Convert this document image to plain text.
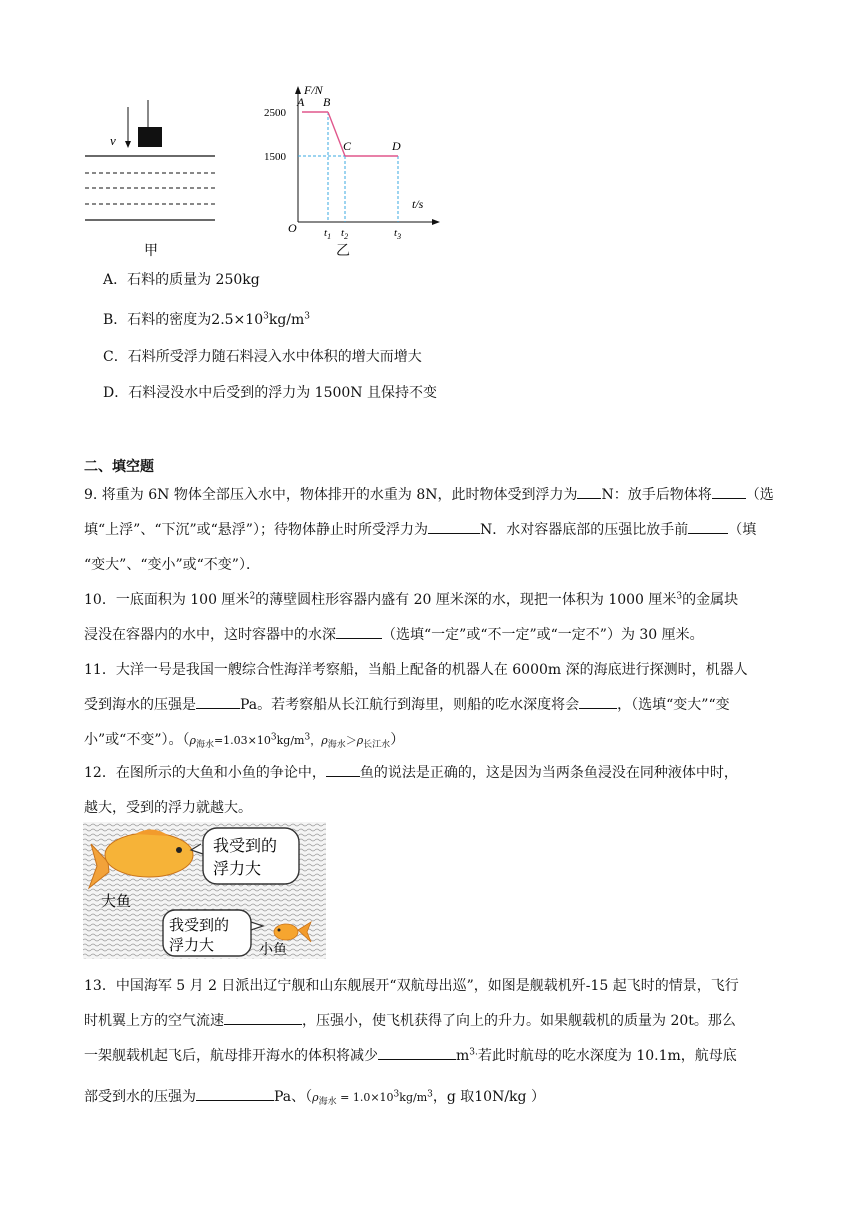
v
甲
F/N
t/s
O
2500
1500
$t_1$ $t_2$	$t_3$
A B
C	D
乙
A．石料的质量为 250kg
B．石料的密度为$2.5\times 10^3kg/m^3$
C．石料所受浮力随石料浸入水中体积的增大而增大
D．石料浸没水中后受到的浮力为 1500N 且保持不变
二、填空题
9. 将重为 6N 物体全部压入水中，物体排开的水重为 8N，此时物体受到浮力为 N：放手后物体将 （选
填“上浮”、“下沉”或“悬浮”）；待物体静止时所受浮力为	N．水对容器底部的压强比放手前	（填
“变大”、“变小”或“不变”）．
10．一底面积为 100 厘米$^2$的薄壁圆柱形容器内盛有 20 厘米深的水，现把一体积为 1000 厘米$^3$的金属块
浸没在容器内的水中，这时容器中的水深	（选填“一定”或“不一定”或“一定不”）为 30 厘米。
11．大洋一号是我国一艘综合性海洋考察船，当船上配备的机器人在 6000m 深的海底进行探测时，机器人
受到海水的压强是	Pa。若考察船从长江航行到海里，则船的吃水深度将会	，（选填“变大”“变
小”或“不变”）。（$\rho_{海水}=1.03\times 10^3kg/m^3$，$\rho_{海水}>\rho_{长江水}$）
12．在图所示的大鱼和小鱼的争论中， 鱼的说法是正确的，这是因为当两条鱼浸没在同种液体中时，
越大，受到的浮力就越大。
我受到的
浮力大
大鱼
我受到的
浮力大	小鱼
13．中国海军 5 月 2 日派出辽宁舰和山东舰展开“双航母出巡”，如图是舰载机歼-15 起飞时的情景，飞行
时机翼上方的空气流速	，压强小，使飞机获得了向上的升力。如果舰载机的质量为 20t。那么
一架舰载机起飞后，航母排开海水的体积将减少	$m^{3.}$若此时航母的吃水深度为 10.1m，航母底
部受到水的压强为	Pa、（$\rho_{海水} = 1.0\times 10^3kg/m^3$，g 取10N/kg ）
